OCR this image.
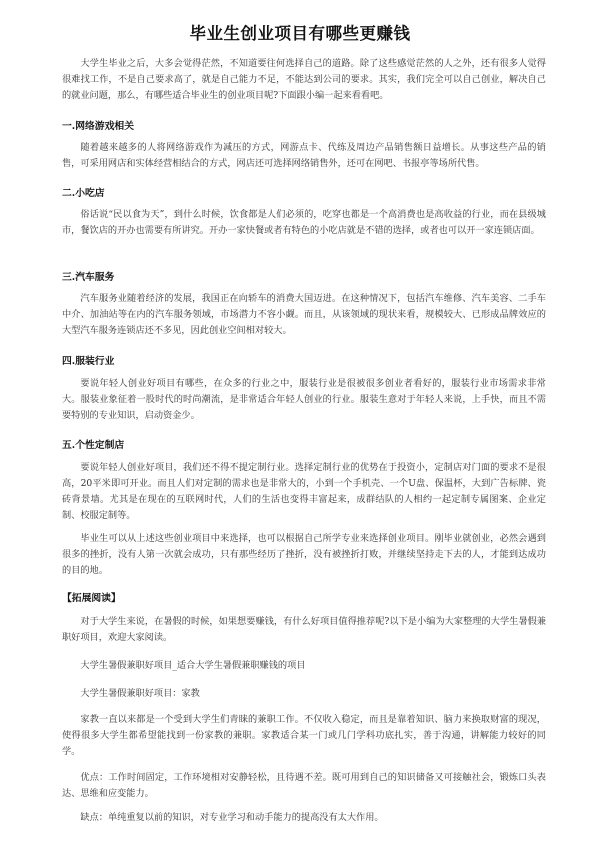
毕业生创业项目有哪些更赚钱

大学生毕业之后，大多会觉得茫然，不知道要往何选择自己的道路。除了这些感觉茫然的人之外，还有很多人觉得很难找工作，不是自己要求高了，就是自己能力不足，不能达到公司的要求。其实，我们完全可以自己创业，解决自己的就业问题，那么，有哪些适合毕业生的创业项目呢?下面跟小编一起来看看吧。

一.网络游戏相关

随着越来越多的人将网络游戏作为减压的方式，网游点卡、代练及周边产品销售额日益增长。从事这些产品的销售，可采用网店和实体经营相结合的方式，网店还可选择网络销售外，还可在网吧、书报亭等场所代售。

二.小吃店

俗话说“民以食为天”，到什么时候，饮食都是人们必须的，吃穿也都是一个高消费也是高收益的行业，而在县级城市，餐饮店的开办也需要有所讲究。开办一家快餐或者有特色的小吃店就是不错的选择，或者也可以开一家连锁店面。

三.汽车服务

汽车服务业随着经济的发展，我国正在向轿车的消费大国迈进。在这种情况下，包括汽车维修、汽车美容、二手车中介、加油站等在内的汽车服务领域，市场潜力不容小觑。而且，从该领域的现状来看，规模较大、已形成品牌效应的大型汽车服务连锁店还不多见，因此创业空间相对较大。

四.服装行业

要说年轻人创业好项目有哪些，在众多的行业之中，服装行业是很被很多创业者看好的，服装行业市场需求非常大。服装业象征着一股时代的时尚潮流，是非常适合年轻人创业的行业。服装生意对于年轻人来说，上手快，而且不需要特别的专业知识，启动资金少。

五.个性定制店

要说年轻人创业好项目，我们还不得不提定制行业。选择定制行业的优势在于投资小，定制店对门面的要求不是很高，20平米即可开业。而且人们对定制的需求也是非常大的，小到一个手机壳、一个U盘、保温杯，大到广告标牌、瓷砖背景墙。尤其是在现在的互联网时代，人们的生活也变得丰富起来，成群结队的人相约一起定制专属图案、企业定制、校服定制等。

毕业生可以从上述这些创业项目中来选择，也可以根据自己所学专业来选择创业项目。刚毕业就创业，必然会遇到很多的挫折，没有人第一次就会成功，只有那些经历了挫折，没有被挫折打败，并继续坚持走下去的人，才能到达成功的目的地。

【拓展阅读】

对于大学生来说，在暑假的时候，如果想要赚钱，有什么好项目值得推荐呢?以下是小编为大家整理的大学生暑假兼职好项目，欢迎大家阅读。

大学生暑假兼职好项目_适合大学生暑假兼职赚钱的项目

大学生暑假兼职好项目：家教

家教一直以来都是一个受到大学生们青睐的兼职工作。不仅收入稳定，而且是靠着知识、脑力来换取财富的现况，使得很多大学生都希望能找到一份家教的兼职。家教适合某一门或几门学科功底扎实，善于沟通，讲解能力较好的同学。

优点：工作时间固定，工作环境相对安静轻松，且待遇不差。既可用到自己的知识储备又可接触社会，锻炼口头表达、思维和应变能力。

缺点：单纯重复以前的知识，对专业学习和动手能力的提高没有太大作用。
